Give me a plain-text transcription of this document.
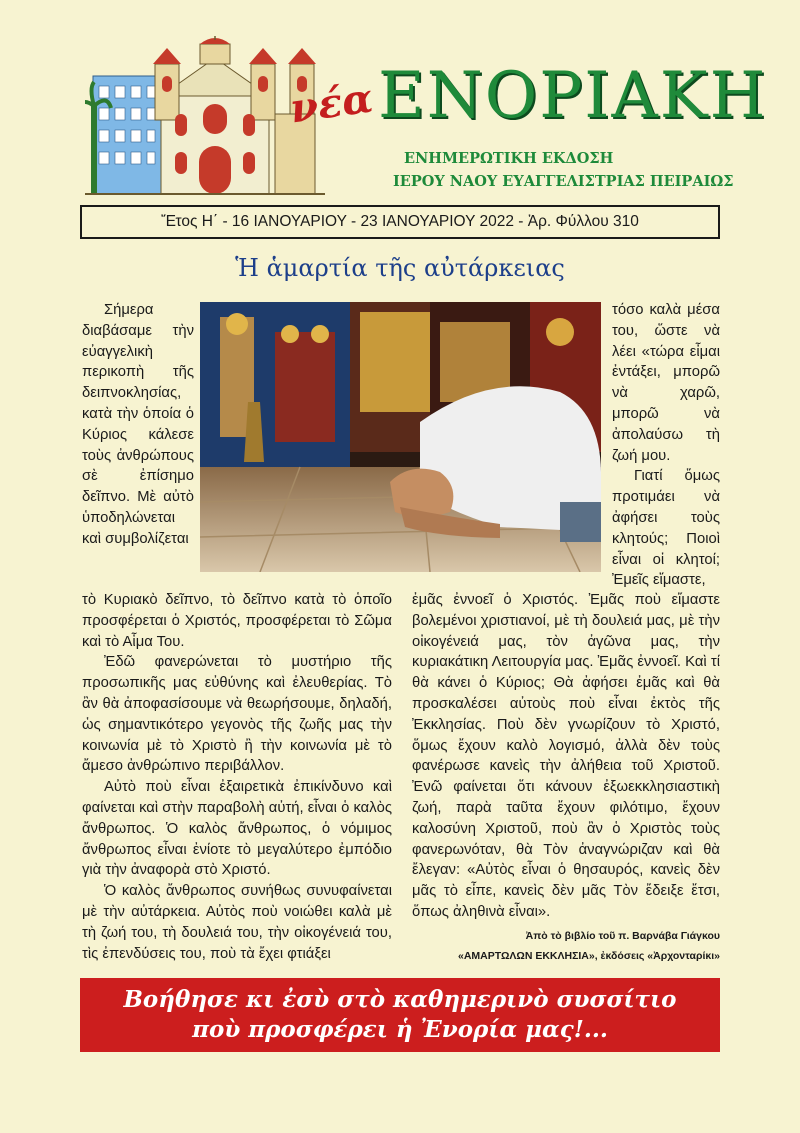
νέα ΕΝΟΡΙΑΚΗ
ΕΝΗΜΕΡΩΤΙΚΗ ΕΚΔΟΣΗ
ΙΕΡΟΥ ΝΑΟΥ ΕΥΑΓΓΕΛΙΣΤΡΙΑΣ ΠΕΙΡΑΙΩΣ
Ἔτος Η΄ - 16 ΙΑΝΟΥΑΡΙΟΥ - 23 ΙΑΝΟΥΑΡΙΟΥ 2022 - Ἀρ. Φύλλου 310
Ἡ ἁμαρτία τῆς αὐτάρκειας

Σήμερα διαβάσαμε τὴν εὐαγγελικὴ περικοπὴ τῆς δειπνοκλησίας, κατὰ τὴν ὁποία ὁ Κύριος κάλεσε τοὺς ἀνθρώπους σὲ ἐπίσημο δεῖπνο. Μὲ αὐτὸ ὑποδηλώνεται καὶ συμβολίζεται

τόσο καλὰ μέσα του, ὥστε νὰ λέει «τώρα εἶμαι ἐντάξει, μπορῶ νὰ χαρῶ, μπορῶ νὰ ἀπολαύσω τὴ ζωή μου.

Γιατί ὅμως προτιμάει νὰ ἀφήσει τοὺς κλητούς; Ποιοὶ εἶναι οἱ κλητοί; Ἐμεῖς εἴμαστε,

τὸ Κυριακὸ δεῖπνο, τὸ δεῖπνο κατὰ τὸ ὁποῖο προσφέρεται ὁ Χριστός, προσφέρεται τὸ Σῶμα καὶ τὸ Αἷμα Του.

Ἐδῶ φανερώνεται τὸ μυστήριο τῆς προσωπικῆς μας εὐθύνης καὶ ἐλευθερίας. Τὸ ἂν θὰ ἀποφασίσουμε νὰ θεωρήσουμε, δηλαδή, ὡς σημαντικότερο γεγονὸς τῆς ζωῆς μας τὴν κοινωνία μὲ τὸ Χριστὸ ἢ τὴν κοινωνία μὲ τὸ ἄμεσο ἀνθρώπινο περιβάλλον.

Αὐτὸ ποὺ εἶναι ἐξαιρετικὰ ἐπικίνδυνο καὶ φαίνεται καὶ στὴν παραβολὴ αὐτή, εἶναι ὁ καλὸς ἄνθρωπος. Ὁ καλὸς ἄνθρωπος, ὁ νόμιμος ἄνθρωπος εἶναι ἐνίοτε τὸ μεγαλύτερο ἐμπόδιο γιὰ τὴν ἀναφορὰ στὸ Χριστό.

Ὁ καλὸς ἄνθρωπος συνήθως συνυφαίνεται μὲ τὴν αὐτάρκεια. Αὐτὸς ποὺ νοιώθει καλὰ μὲ τὴ ζωή του, τὴ δουλειά του, τὴν οἰκογένειά του, τὶς ἐπενδύσεις του, ποὺ τὰ ἔχει φτιάξει

ἐμᾶς ἐννοεῖ ὁ Χριστός. Ἐμᾶς ποὺ εἴμαστε βολεμένοι χριστιανοί, μὲ τὴ δουλειά μας, μὲ τὴν οἰκογένειά μας, τὸν ἀγῶνα μας, τὴν κυριακάτικη Λειτουργία μας. Ἐμᾶς ἐννοεῖ. Καὶ τί θὰ κάνει ὁ Κύριος; Θὰ ἀφήσει ἐμᾶς καὶ θὰ προσκαλέσει αὐτοὺς ποὺ εἶναι ἐκτὸς τῆς Ἐκκλησίας. Ποὺ δὲν γνωρίζουν τὸ Χριστό, ὅμως ἔχουν καλὸ λογισμό, ἀλλὰ δὲν τοὺς φανέρωσε κανεὶς τὴν ἀλήθεια τοῦ Χριστοῦ. Ἐνῶ φαίνεται ὅτι κάνουν ἐξωεκκλησιαστικὴ ζωή, παρὰ ταῦτα ἔχουν φιλότιμο, ἔχουν καλοσύνη Χριστοῦ, ποὺ ἂν ὁ Χριστὸς τοὺς φανερωνόταν, θὰ Τὸν ἀναγνώριζαν καὶ θὰ ἔλεγαν: «Αὐτὸς εἶναι ὁ θησαυρός, κανεὶς δὲν μᾶς τὸ εἶπε, κανεὶς δὲν μᾶς Τὸν ἔδειξε ἔτσι, ὅπως ἀληθινὰ εἶναι».

Ἀπὸ τὸ βιβλίο τοῦ π. Βαρνάβα Γιάγκου
«ΑΜΑΡΤΩΛΩΝ ΕΚΚΛΗΣΙΑ», ἐκδόσεις «Ἀρχονταρίκι»
Βοήθησε κι ἐσὺ στὸ καθημερινὸ συσσίτιο
ποὺ προσφέρει ἡ Ἐνορία μας!...
